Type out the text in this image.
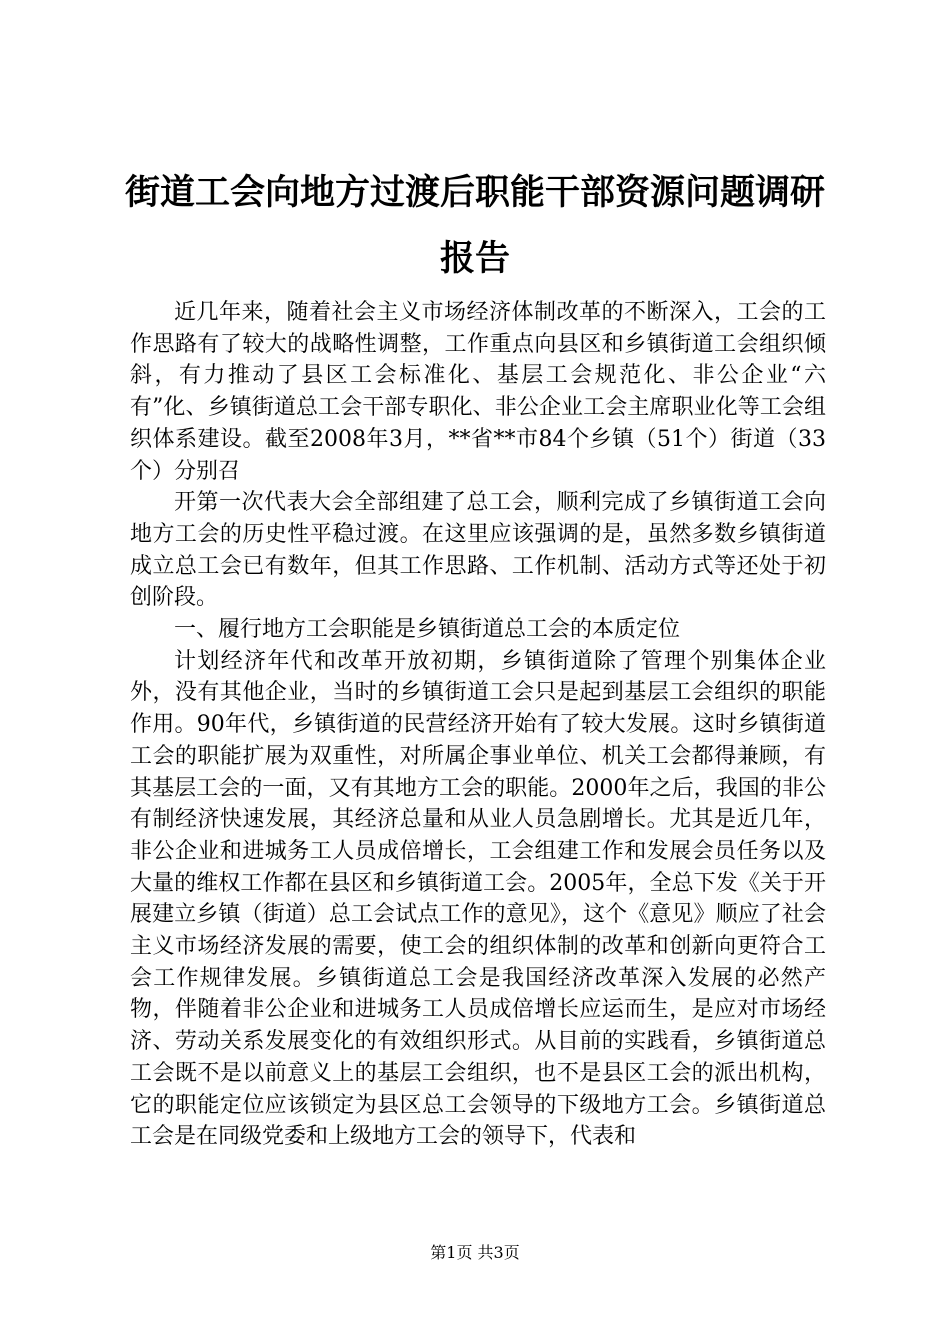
街道工会向地方过渡后职能干部资源问题调研报告

近几年来，随着社会主义市场经济体制改革的不断深入，工会的工作思路有了较大的战略性调整，工作重点向县区和乡镇街道工会组织倾斜，有力推动了县区工会标准化、基层工会规范化、非公企业“六有”化、乡镇街道总工会干部专职化、非公企业工会主席职业化等工会组织体系建设。截至2008年3月，**省**市84个乡镇（51个）街道（33个）分别召

开第一次代表大会全部组建了总工会，顺利完成了乡镇街道工会向地方工会的历史性平稳过渡。在这里应该强调的是，虽然多数乡镇街道成立总工会已有数年，但其工作思路、工作机制、活动方式等还处于初创阶段。

一、履行地方工会职能是乡镇街道总工会的本质定位

计划经济年代和改革开放初期，乡镇街道除了管理个别集体企业外，没有其他企业，当时的乡镇街道工会只是起到基层工会组织的职能作用。90年代，乡镇街道的民营经济开始有了较大发展。这时乡镇街道工会的职能扩展为双重性，对所属企事业单位、机关工会都得兼顾，有其基层工会的一面，又有其地方工会的职能。2000年之后，我国的非公有制经济快速发展，其经济总量和从业人员急剧增长。尤其是近几年，非公企业和进城务工人员成倍增长，工会组建工作和发展会员任务以及大量的维权工作都在县区和乡镇街道工会。2005年，全总下发《关于开展建立乡镇（街道）总工会试点工作的意见》，这个《意见》顺应了社会主义市场经济发展的需要，使工会的组织体制的改革和创新向更符合工会工作规律发展。乡镇街道总工会是我国经济改革深入发展的必然产物，伴随着非公企业和进城务工人员成倍增长应运而生，是应对市场经济、劳动关系发展变化的有效组织形式。从目前的实践看，乡镇街道总工会既不是以前意义上的基层工会组织，也不是县区工会的派出机构，它的职能定位应该锁定为县区总工会领导的下级地方工会。乡镇街道总工会是在同级党委和上级地方工会的领导下，代表和

第1页 共3页
